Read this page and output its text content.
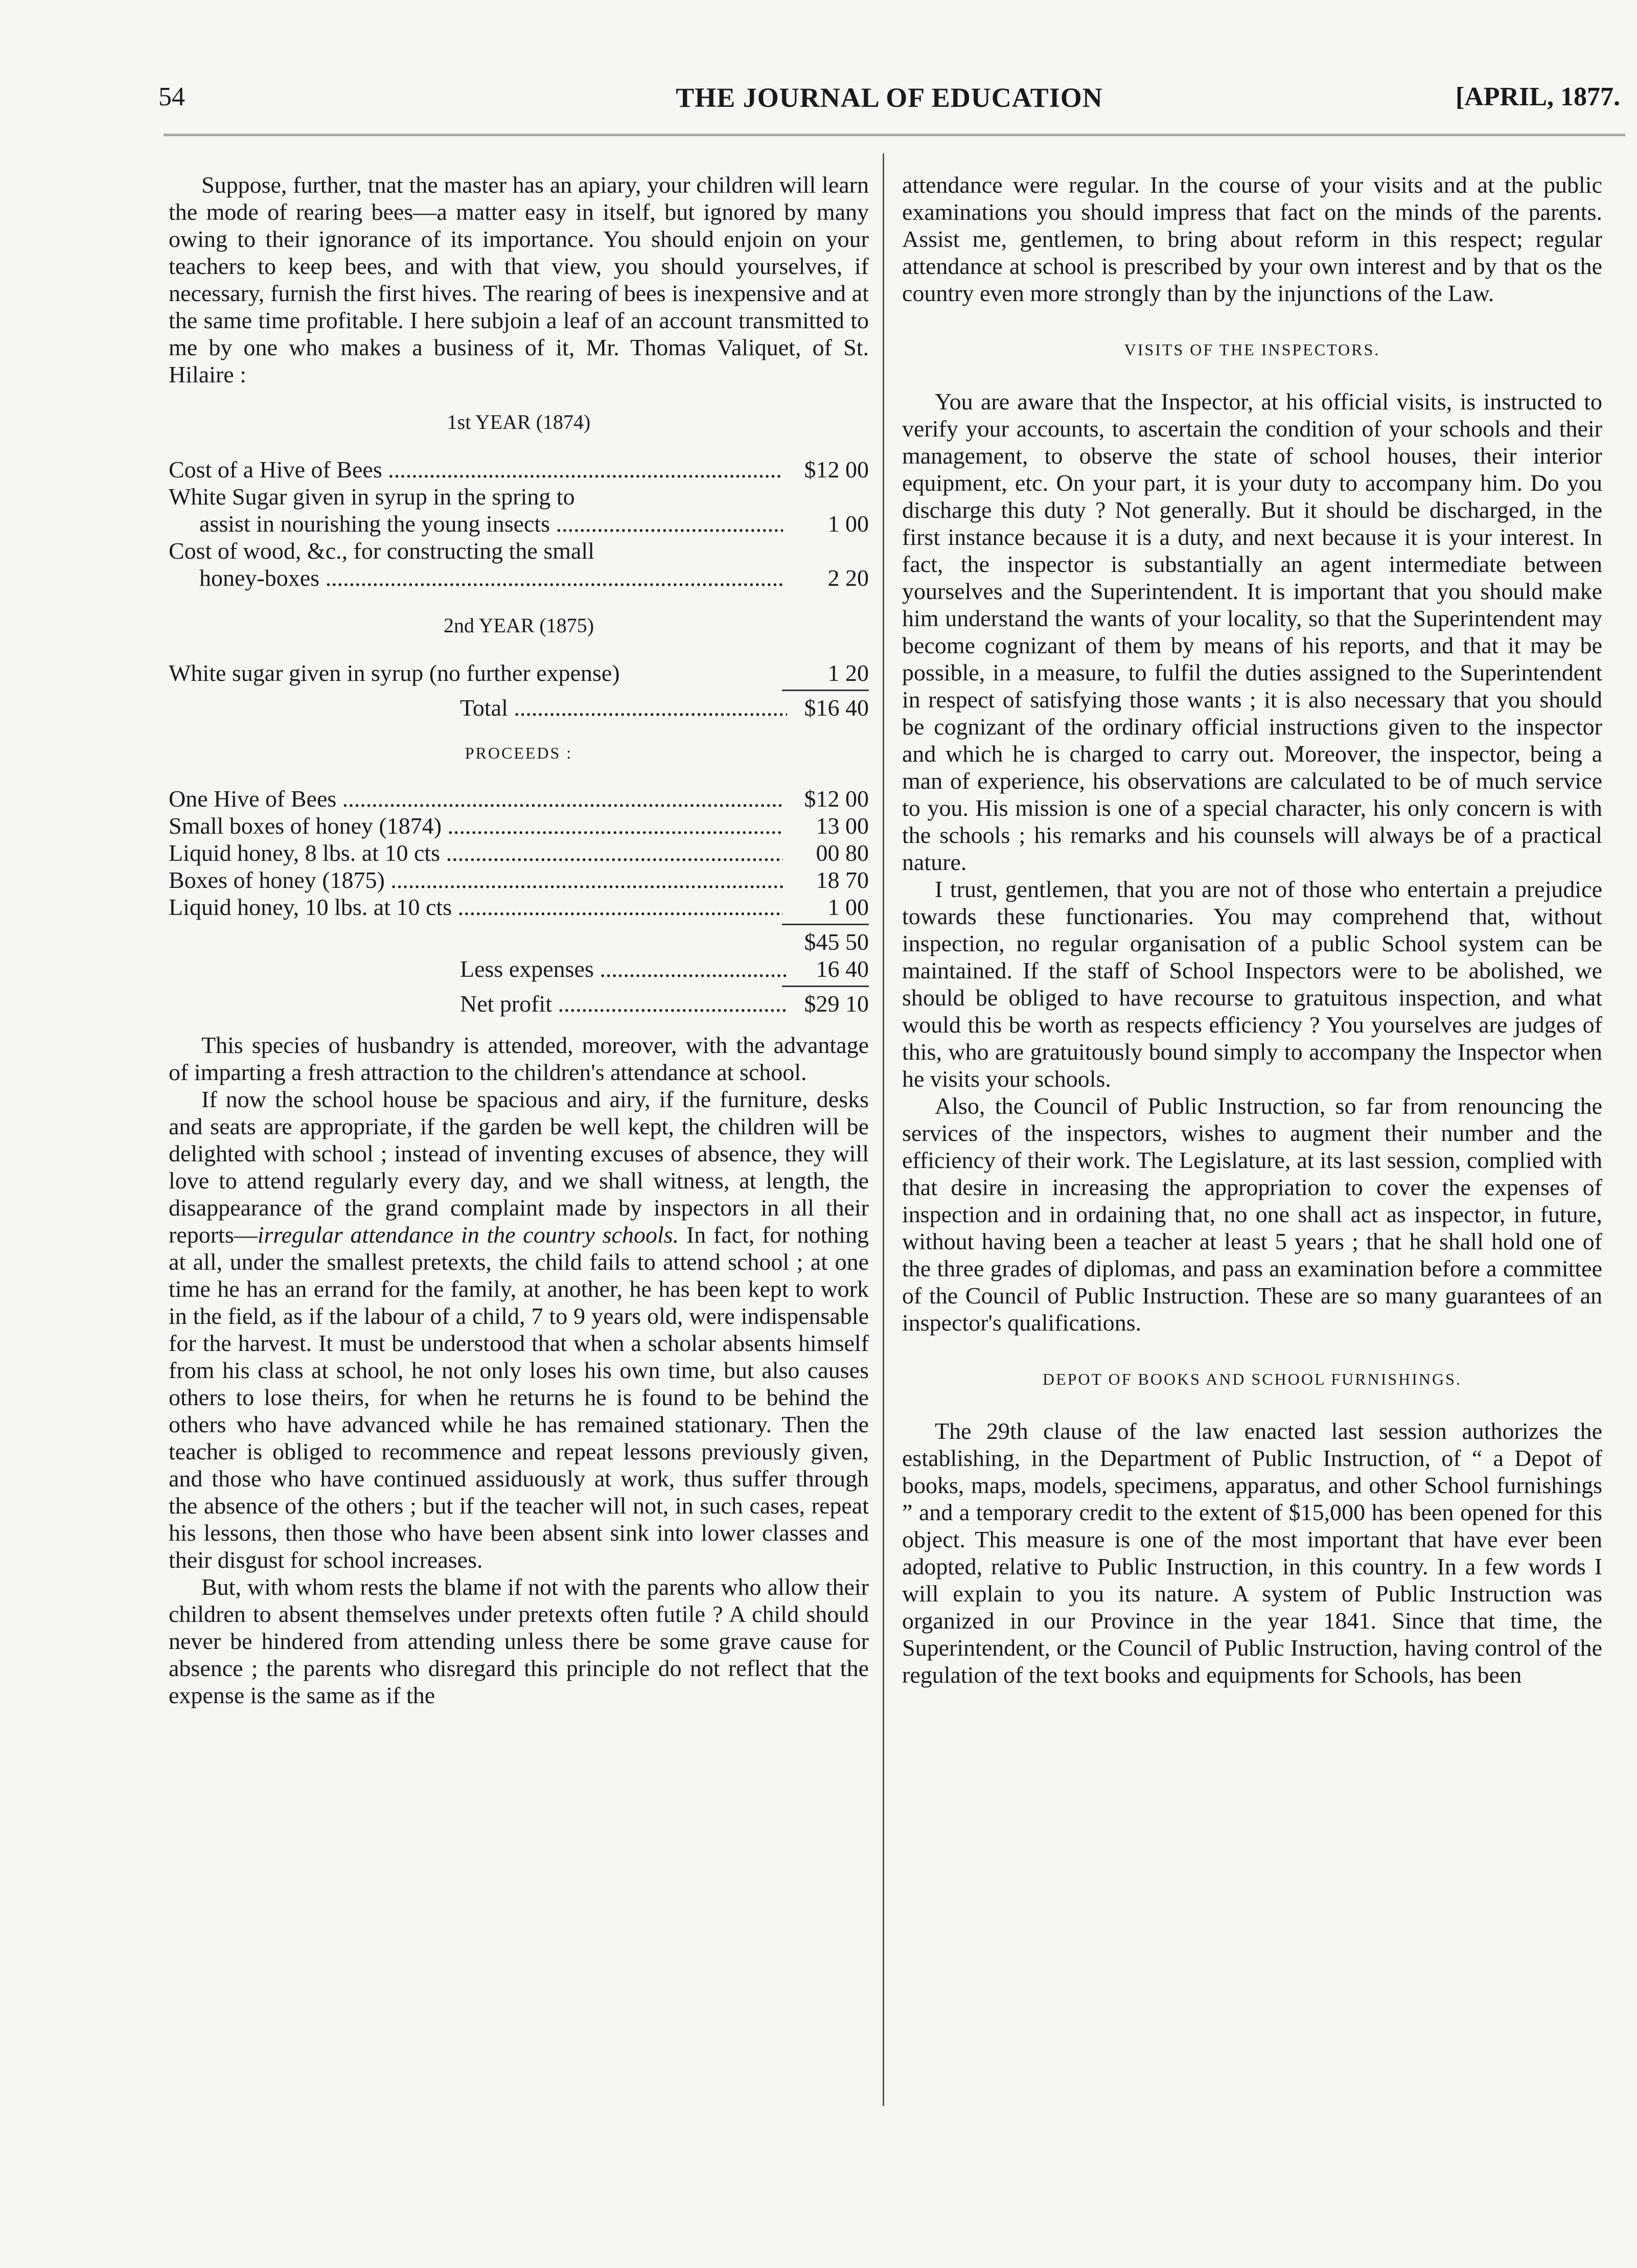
54	THE JOURNAL OF EDUCATION	[APRIL, 1877.

Suppose, further, tnat the master has an apiary, your children will learn the mode of rearing bees—a matter easy in itself, but ignored by many owing to their ignorance of its importance. You should enjoin on your teachers to keep bees, and with that view, you should yourselves, if necessary, furnish the first hives. The rearing of bees is inexpensive and at the same time profitable. I here subjoin a leaf of an account transmitted to me by one who makes a business of it, Mr. Thomas Valiquet, of St. Hilaire :

1st YEAR (1874)
Cost of a Hive of Bees .....	$12 00
White Sugar given in syrup in the spring to
assist in nourishing the young insects .....	1 00
Cost of wood, &c., for constructing the small
honey-boxes .....	2 20
2nd YEAR (1875)
White sugar given in syrup (no further expense)	1 20
Total .....	$16 40
PROCEEDS :
One Hive of Bees .....	$12 00
Small boxes of honey (1874) .....	13 00
Liquid honey, 8 lbs. at 10 cts .....	00 80
Boxes of honey (1875) .....	18 70
Liquid honey, 10 lbs. at 10 cts .....	1 00
$45 50
Less expenses .....	16 40
Net profit .....	$29 10

This species of husbandry is attended, moreover, with the advantage of imparting a fresh attraction to the children's attendance at school.

If now the school house be spacious and airy, if the furniture, desks and seats are appropriate, if the garden be well kept, the children will be delighted with school ; instead of inventing excuses of absence, they will love to attend regularly every day, and we shall witness, at length, the disappearance of the grand complaint made by inspectors in all their reports—irregular attendance in the country schools. In fact, for nothing at all, under the smallest pretexts, the child fails to attend school ; at one time he has an errand for the family, at another, he has been kept to work in the field, as if the labour of a child, 7 to 9 years old, were indispensable for the harvest. It must be understood that when a scholar absents himself from his class at school, he not only loses his own time, but also causes others to lose theirs, for when he returns he is found to be behind the others who have advanced while he has remained stationary. Then the teacher is obliged to recommence and repeat lessons previously given, and those who have continued assiduously at work, thus suffer through the absence of the others ; but if the teacher will not, in such cases, repeat his lessons, then those who have been absent sink into lower classes and their disgust for school increases.

But, with whom rests the blame if not with the parents who allow their children to absent themselves under pretexts often futile ? A child should never be hindered from attending unless there be some grave cause for absence ; the parents who disregard this principle do not reflect that the expense is the same as if the

attendance were regular. In the course of your visits and at the public examinations you should impress that fact on the minds of the parents. Assist me, gentlemen, to bring about reform in this respect; regular attendance at school is prescribed by your own interest and by that os the country even more strongly than by the injunctions of the Law.

VISITS OF THE INSPECTORS.

You are aware that the Inspector, at his official visits, is instructed to verify your accounts, to ascertain the condition of your schools and their management, to observe the state of school houses, their interior equipment, etc. On your part, it is your duty to accompany him. Do you discharge this duty ? Not generally. But it should be discharged, in the first instance because it is a duty, and next because it is your interest. In fact, the inspector is substantially an agent intermediate between yourselves and the Superintendent. It is important that you should make him understand the wants of your locality, so that the Superintendent may become cognizant of them by means of his reports, and that it may be possible, in a measure, to fulfil the duties assigned to the Superintendent in respect of satisfying those wants ; it is also necessary that you should be cognizant of the ordinary official instructions given to the inspector and which he is charged to carry out. Moreover, the inspector, being a man of experience, his observations are calculated to be of much service to you. His mission is one of a special character, his only concern is with the schools ; his remarks and his counsels will always be of a practical nature.

I trust, gentlemen, that you are not of those who entertain a prejudice towards these functionaries. You may comprehend that, without inspection, no regular organisation of a public School system can be maintained. If the staff of School Inspectors were to be abolished, we should be obliged to have recourse to gratuitous inspection, and what would this be worth as respects efficiency ? You yourselves are judges of this, who are gratuitously bound simply to accompany the Inspector when he visits your schools.

Also, the Council of Public Instruction, so far from renouncing the services of the inspectors, wishes to augment their number and the efficiency of their work. The Legislature, at its last session, complied with that desire in increasing the appropriation to cover the expenses of inspection and in ordaining that, no one shall act as inspector, in future, without having been a teacher at least 5 years ; that he shall hold one of the three grades of diplomas, and pass an examination before a committee of the Council of Public Instruction. These are so many guarantees of an inspector's qualifications.

DEPOT OF BOOKS AND SCHOOL FURNISHINGS.

The 29th clause of the law enacted last session authorizes the establishing, in the Department of Public Instruction, of “ a Depot of books, maps, models, specimens, apparatus, and other School furnishings ” and a temporary credit to the extent of $15,000 has been opened for this object. This measure is one of the most important that have ever been adopted, relative to Public Instruction, in this country. In a few words I will explain to you its nature. A system of Public Instruction was organized in our Province in the year 1841. Since that time, the Superintendent, or the Council of Public Instruction, having control of the regulation of the text books and equipments for Schools, has been
